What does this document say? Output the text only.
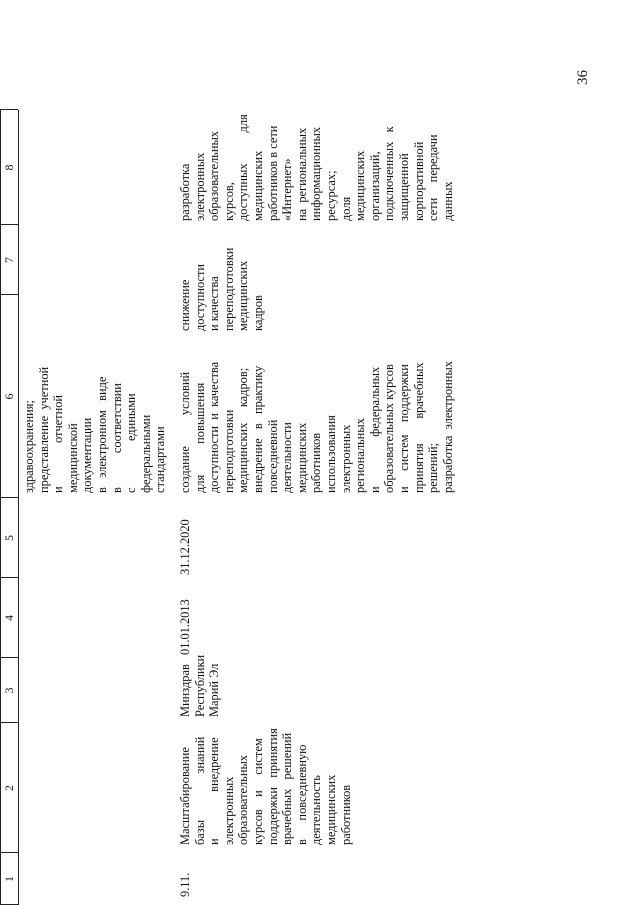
36
1
2
3
4
5
6
7
8
здравоохранения;
представление  учетной
и              отчетной
медицинской
документации
в   электронном   виде
в           соответствии
с               едиными
федеральными
стандартами
9.11.
Масштабирование
базы               знаний
и               внедрение
электронных
образовательных
курсов    и     систем
поддержки   принятия
врачебных   решений
в      повседневную
деятельность
медицинских
работников
Минздрав
Республики
Марий Эл
01.01.2013
31.12.2020
создание          условий
для          повышения
доступности  и  качества
переподготовки
медицинских     кадров;
внедрение   в   практику
повседневной
деятельности
медицинских
работников
использования
электронных
региональных
и                федеральных
образовательных курсов
и     систем    поддержки
принятия        врачебных
решений;
разработка  электронных
снижение
доступности
и качества
переподготовки
медицинских
кадров
разработка
электронных
образовательных
курсов,
доступных          для
медицинских
работников в сети
«Интернет»
на  региональных
информационных
ресурсах;
доля
медицинских
организаций,
подключенных   к
защищенной
корпоративной
сети     передачи
данных
